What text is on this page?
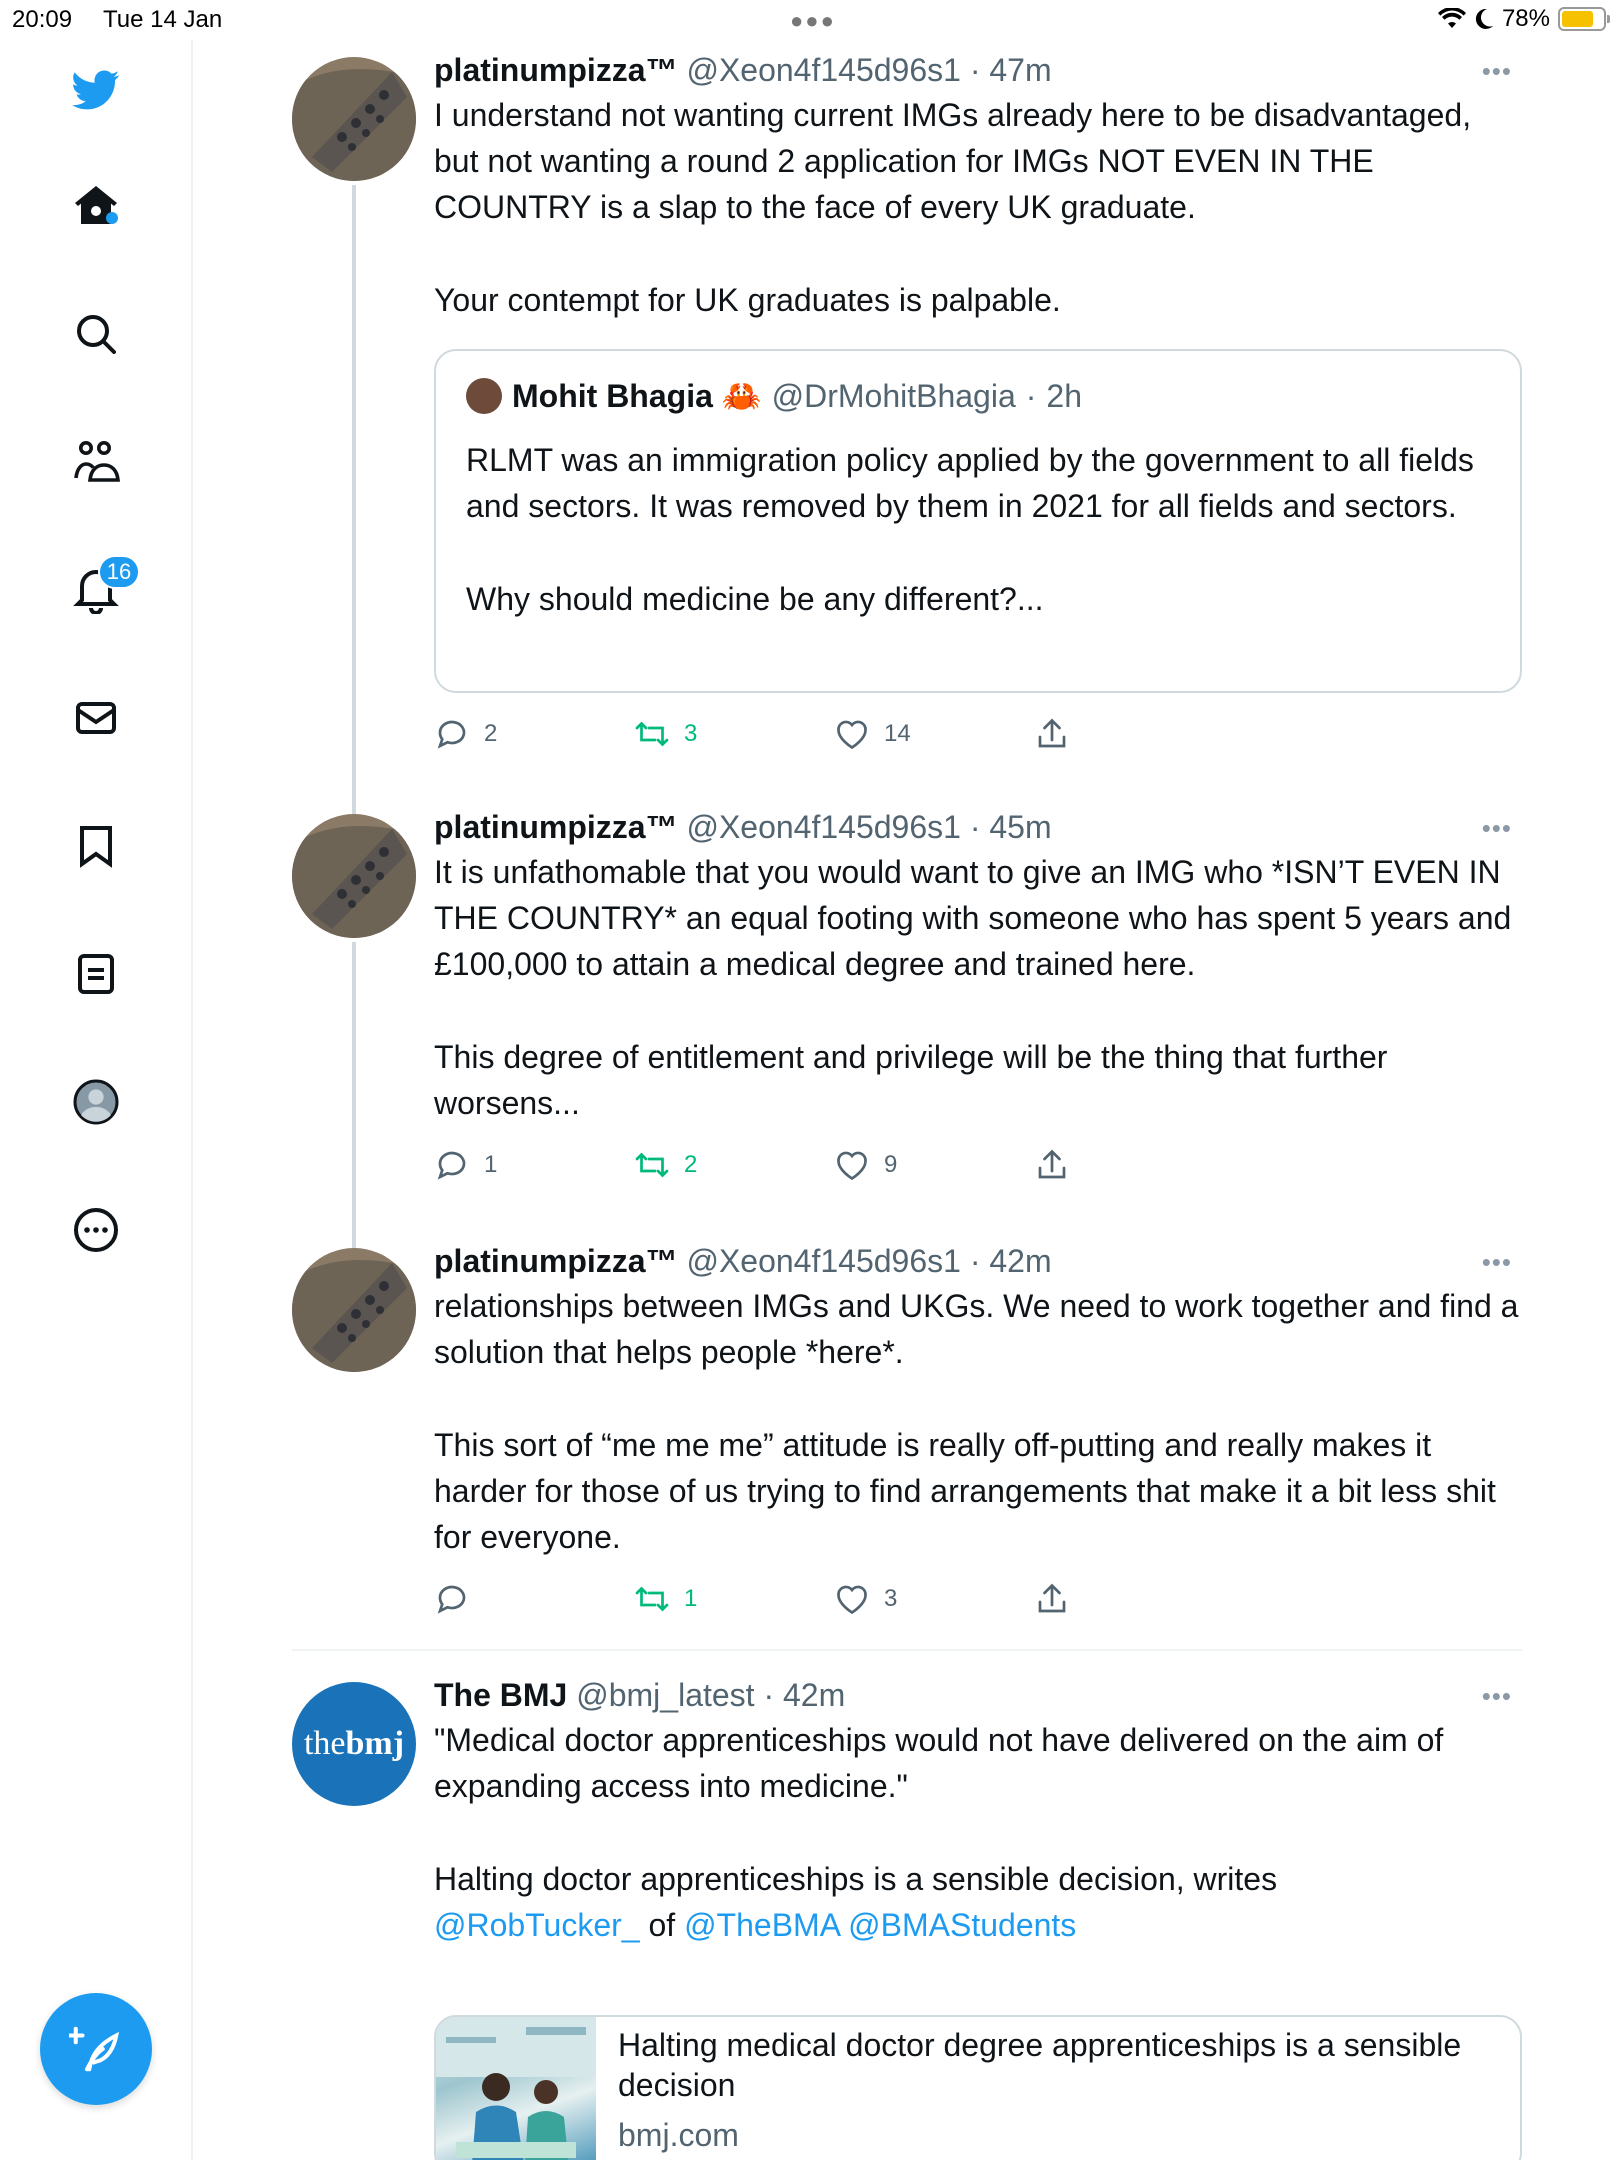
20:09 Tue 14 Jan	●●●	78%
16
platinumpizza™ @Xeon4f145d96s1 · 47m	•••
I understand not wanting current IMGs already here to be disadvantaged, but not wanting a round 2 application for IMGs NOT EVEN IN THE COUNTRY is a slap to the face of every UK graduate.

Your contempt for UK graduates is palpable.
Mohit Bhagia 🦀 @DrMohitBhagia · 2h
RLMT was an immigration policy applied by the government to all fields and sectors. It was removed by them in 2021 for all fields and sectors.

Why should medicine be any different?...
2	3	14
platinumpizza™ @Xeon4f145d96s1 · 45m	•••
It is unfathomable that you would want to give an IMG who *ISN’T EVEN IN THE COUNTRY* an equal footing with someone who has spent 5 years and £100,000 to attain a medical degree and trained here.

This degree of entitlement and privilege will be the thing that further worsens...
1	2	9
platinumpizza™ @Xeon4f145d96s1 · 42m	•••
relationships between IMGs and UKGs. We need to work together and find a solution that helps people *here*.

This sort of “me me me” attitude is really off-putting and really makes it harder for those of us trying to find arrangements that make it a bit less shit for everyone.
1	3
the bmj
The BMJ @bmj_latest · 42m	•••
"Medical doctor apprenticeships would not have delivered on the aim of expanding access into medicine."

Halting doctor apprenticeships is a sensible decision, writes
@RobTucker_ of @TheBMA @BMAStudents
Halting medical doctor degree apprenticeships is a sensible decision
bmj.com
